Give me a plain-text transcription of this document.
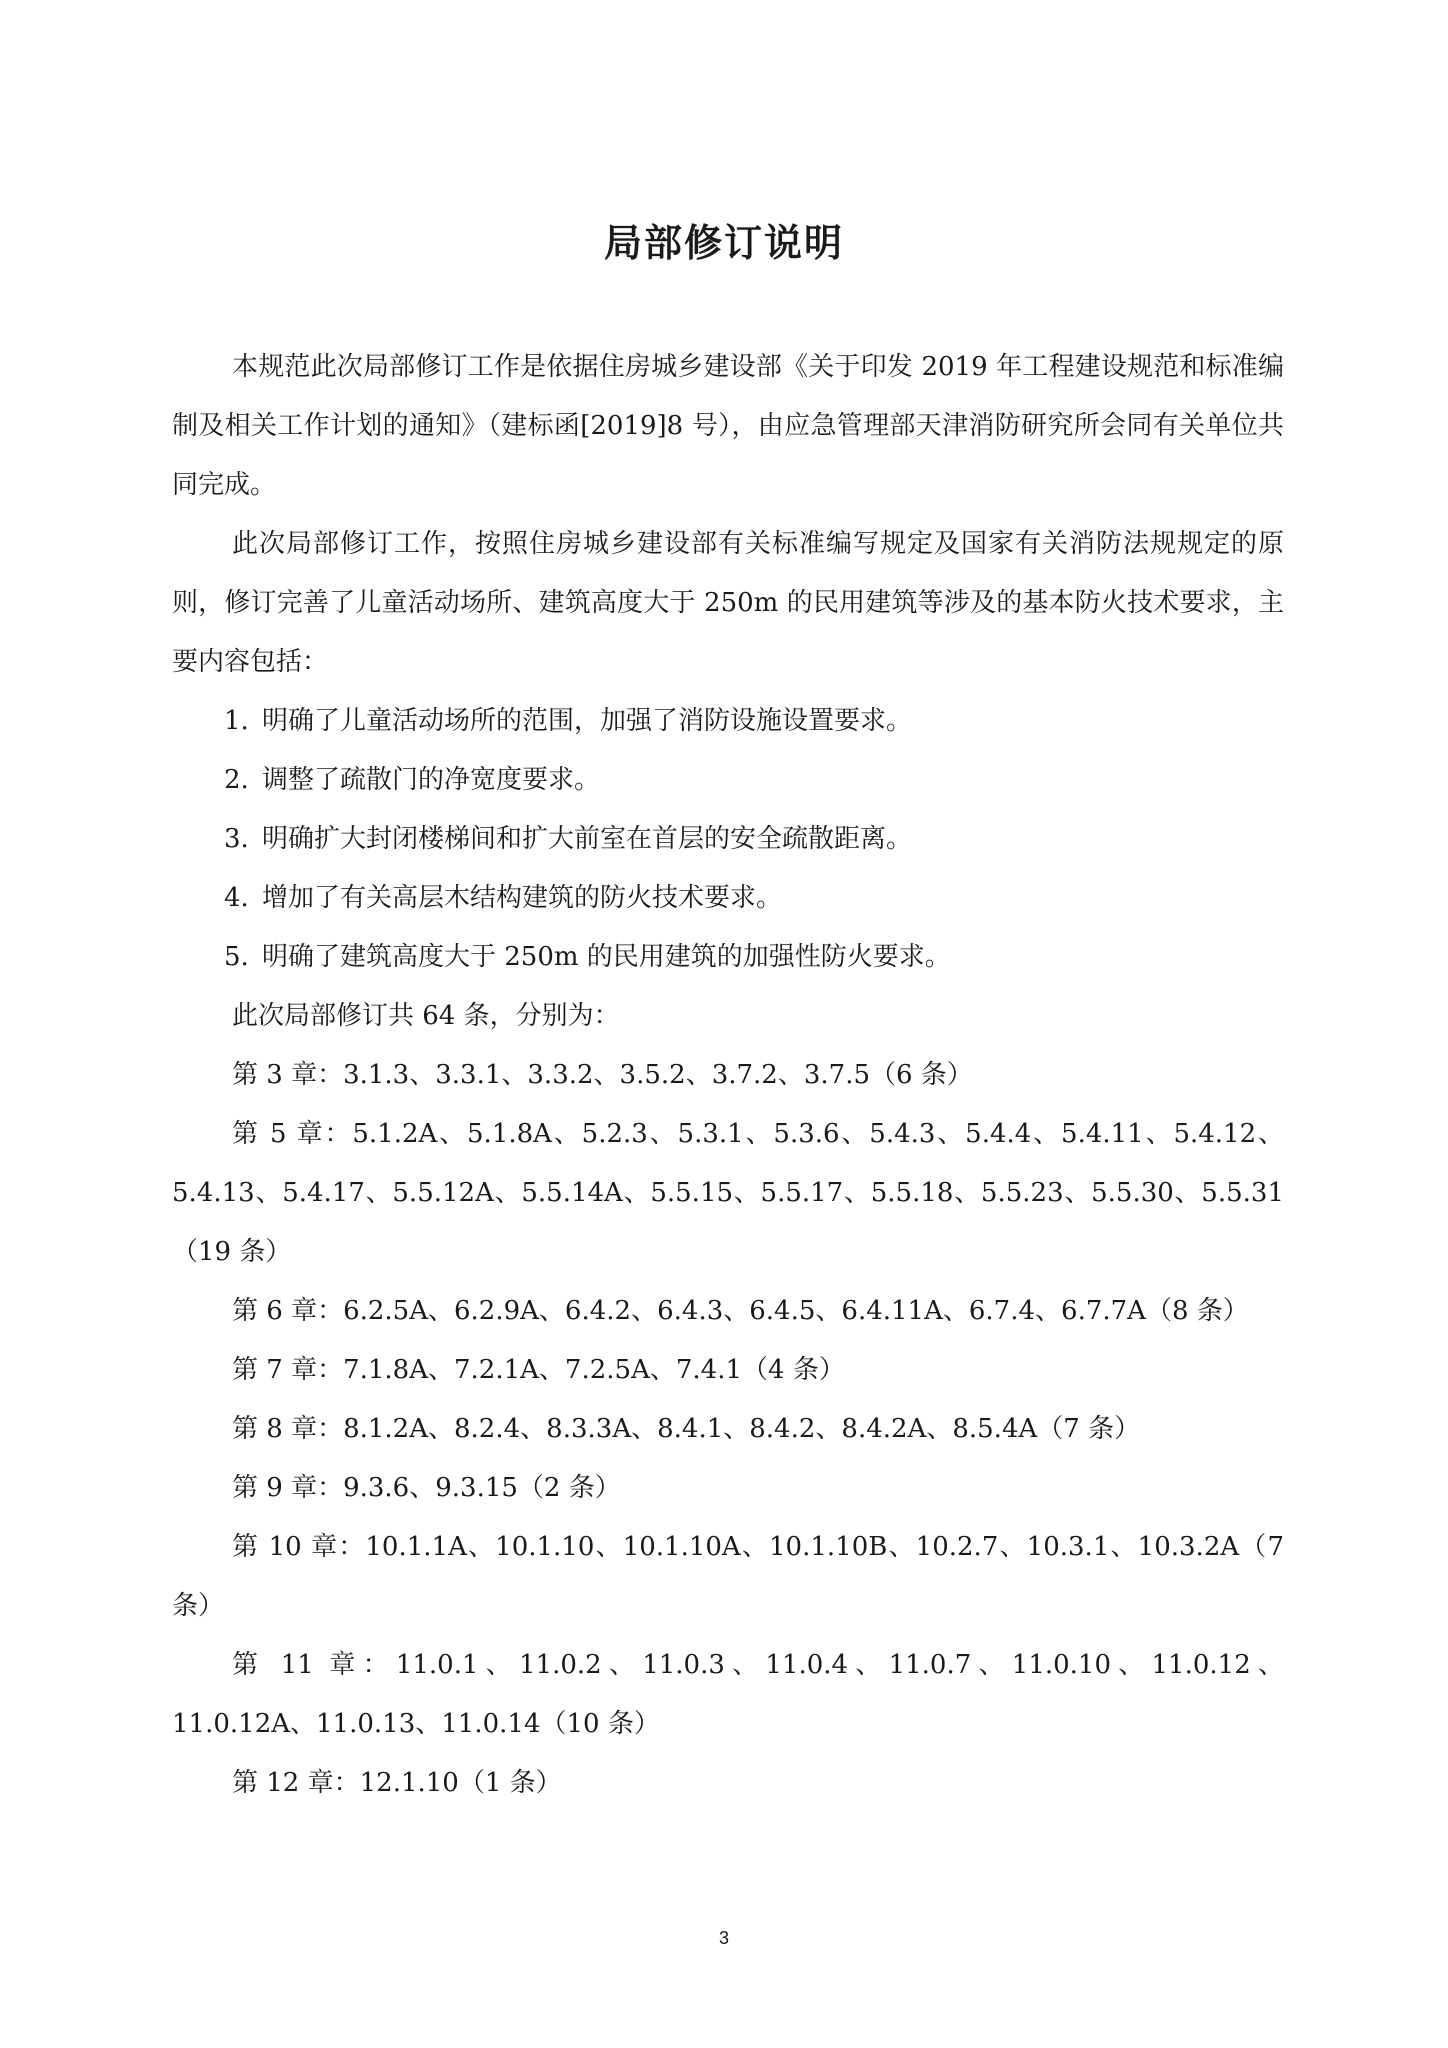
局部修订说明

本规范此次局部修订工作是依据住房城乡建设部《关于印发 2019 年工程建设规范和标准编制及相关工作计划的通知》（建标函[2019]8 号），由应急管理部天津消防研究所会同有关单位共同完成。

此次局部修订工作，按照住房城乡建设部有关标准编写规定及国家有关消防法规规定的原则，修订完善了儿童活动场所、建筑高度大于 250m 的民用建筑等涉及的基本防火技术要求，主要内容包括：

1. 明确了儿童活动场所的范围，加强了消防设施设置要求。

2. 调整了疏散门的净宽度要求。

3. 明确扩大封闭楼梯间和扩大前室在首层的安全疏散距离。

4. 增加了有关高层木结构建筑的防火技术要求。

5. 明确了建筑高度大于 250m 的民用建筑的加强性防火要求。

此次局部修订共 64 条，分别为：

第 3 章：3.1.3、3.3.1、3.3.2、3.5.2、3.7.2、3.7.5（6 条）

第 5 章：5.1.2A、5.1.8A、5.2.3、5.3.1、5.3.6、5.4.3、5.4.4、5.4.11、5.4.12、5.4.13、5.4.17、5.5.12A、5.5.14A、5.5.15、5.5.17、5.5.18、5.5.23、5.5.30、5.5.31（19 条）

第 6 章：6.2.5A、6.2.9A、6.4.2、6.4.3、6.4.5、6.4.11A、6.7.4、6.7.7A（8 条）

第 7 章：7.1.8A、7.2.1A、7.2.5A、7.4.1（4 条）

第 8 章：8.1.2A、8.2.4、8.3.3A、8.4.1、8.4.2、8.4.2A、8.5.4A（7 条）

第 9 章：9.3.6、9.3.15（2 条）

第 10 章：10.1.1A、10.1.10、10.1.10A、10.1.10B、10.2.7、10.3.1、10.3.2A（7 条）

第 11 章：11.0.1、11.0.2、11.0.3、11.0.4、11.0.7、11.0.10、11.0.12、11.0.12A、11.0.13、11.0.14（10 条）

第 12 章：12.1.10（1 条）

3
